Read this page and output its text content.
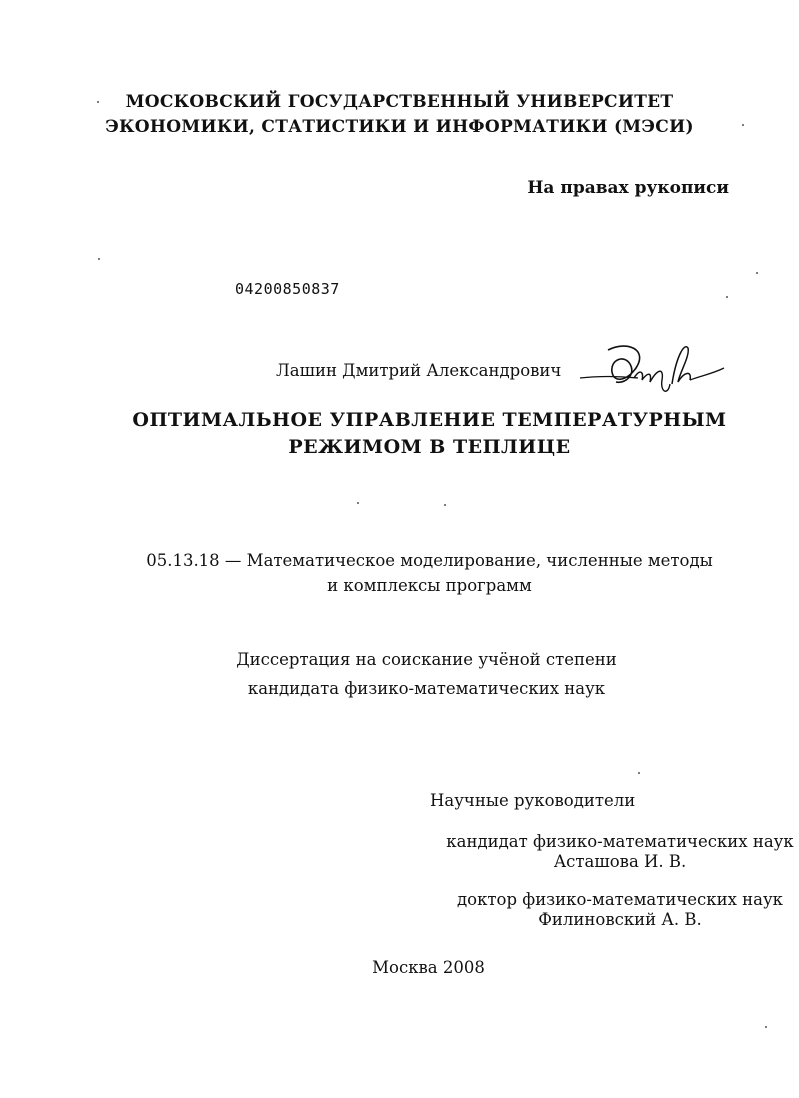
МОСКОВСКИЙ ГОСУДАРСТВЕННЫЙ УНИВЕРСИТЕТ
ЭКОНОМИКИ, СТАТИСТИКИ И ИНФОРМАТИКИ (МЭСИ)
На правах рукописи
04200850837
Лашин Дмитрий Александрович
ОПТИМАЛЬНОЕ УПРАВЛЕНИЕ ТЕМПЕРАТУРНЫМ
РЕЖИМОМ В ТЕПЛИЦЕ
05.13.18 — Математическое моделирование, численные методы
и комплексы программ
Диссертация на соискание учёной степени
кандидата физико-математических наук
Научные руководители
кандидат физико-математических наук
Асташова И. В.
доктор физико-математических наук
Филиновский А. В.
Москва 2008
